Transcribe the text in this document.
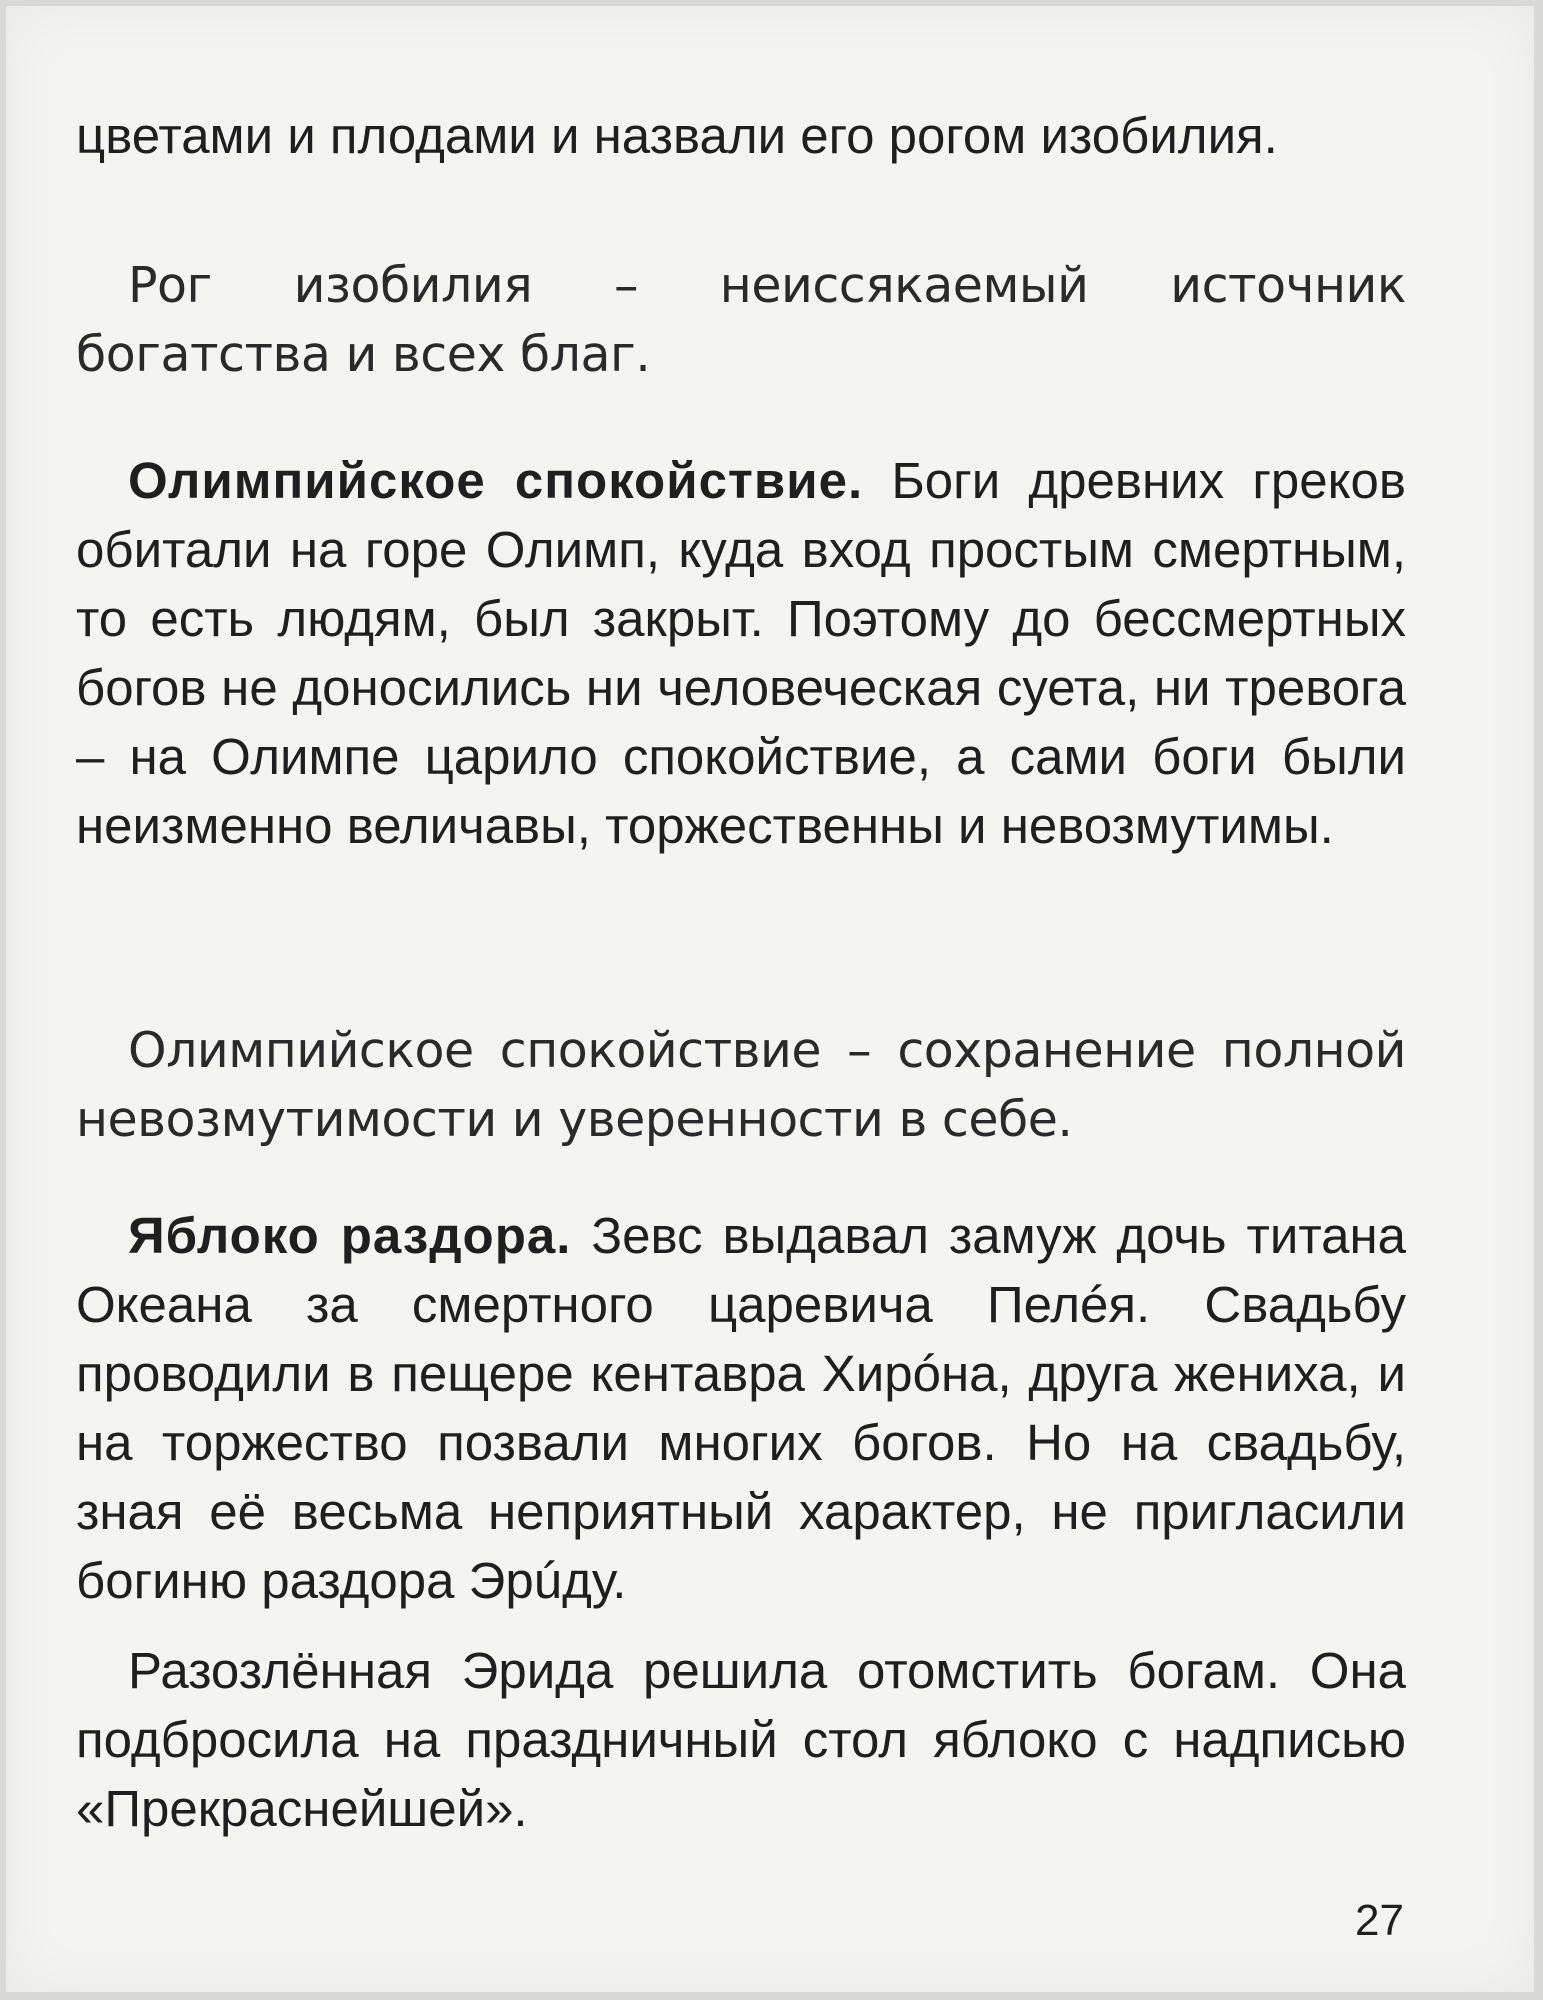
цветами и плодами и назвали его рогом изобилия.

Рог изобилия – неиссякаемый источник богатства и всех благ.

Олимпийское спокойствие. Боги древних греков обитали на горе Олимп, куда вход простым смертным, то есть людям, был закрыт. Поэтому до бессмертных богов не доносились ни человеческая суета, ни тревога – на Олимпе царило спокойствие, а сами боги были неизменно величавы, торжественны и невозмутимы.

Олимпийское спокойствие – сохранение полной невозмутимости и уверенности в себе.

Яблоко раздора. Зевс выдавал замуж дочь титана Океана за смертного царевича Пелéя. Свадьбу проводили в пещере кентавра Хирóна, друга жениха, и на торжество позвали многих богов. Но на свадьбу, зная её весьма неприятный характер, не пригласили богиню раздора Эрúду.

Разозлённая Эрида решила отомстить богам. Она подбросила на праздничный стол яблоко с надписью «Прекраснейшей».

27
